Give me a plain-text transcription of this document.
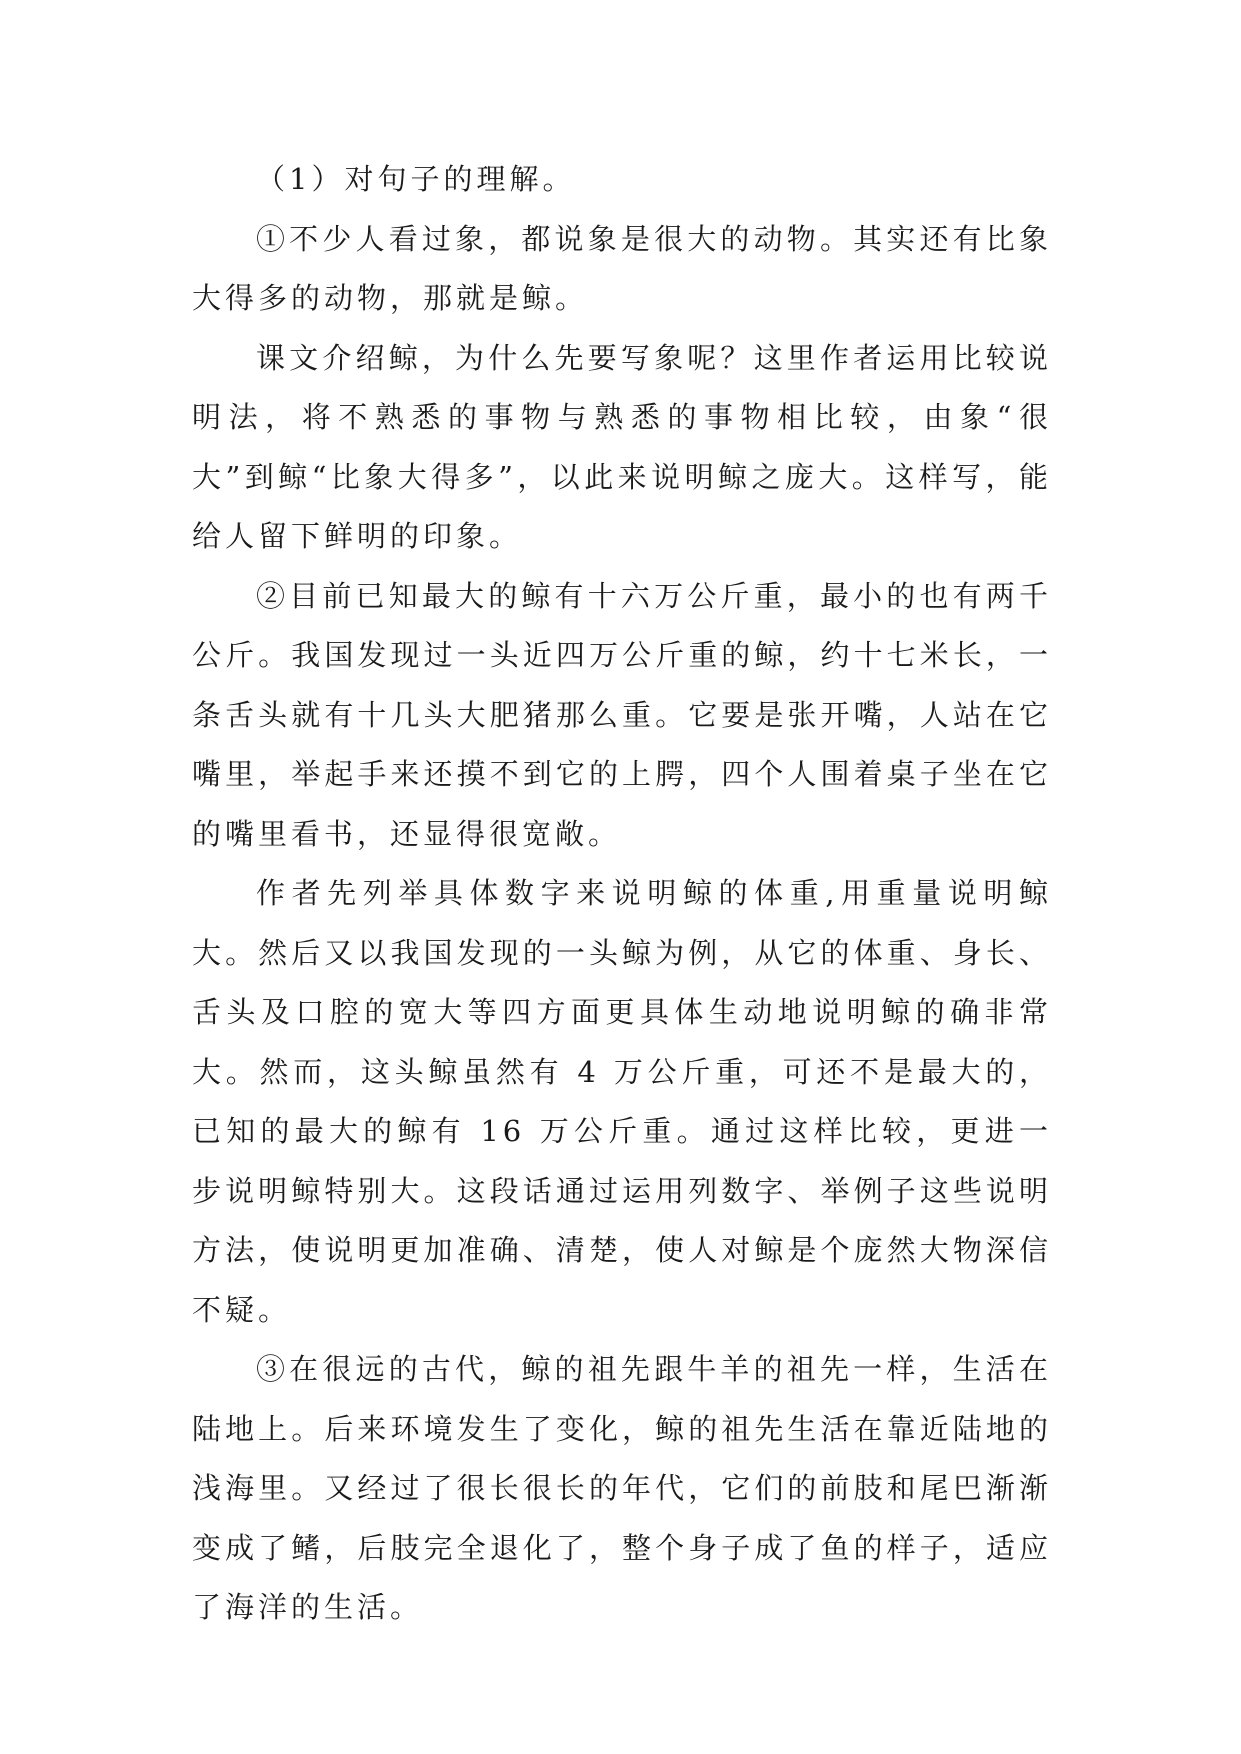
（1）对句子的理解。

①不少人看过象，都说象是很大的动物。其实还有比象大得多的动物，那就是鲸。

课文介绍鲸，为什么先要写象呢？这里作者运用比较说明法，将不熟悉的事物与熟悉的事物相比较，由象“很大”到鲸“比象大得多”，以此来说明鲸之庞大。这样写，能给人留下鲜明的印象。

②目前已知最大的鲸有十六万公斤重，最小的也有两千公斤。我国发现过一头近四万公斤重的鲸，约十七米长，一条舌头就有十几头大肥猪那么重。它要是张开嘴，人站在它嘴里，举起手来还摸不到它的上腭，四个人围着桌子坐在它的嘴里看书，还显得很宽敞。

作者先列举具体数字来说明鲸的体重,用重量说明鲸大。然后又以我国发现的一头鲸为例，从它的体重、身长、舌头及口腔的宽大等四方面更具体生动地说明鲸的确非常大。然而，这头鲸虽然有 4 万公斤重，可还不是最大的，已知的最大的鲸有 16 万公斤重。通过这样比较，更进一步说明鲸特别大。这段话通过运用列数字、举例子这些说明方法，使说明更加准确、清楚，使人对鲸是个庞然大物深信不疑。

③在很远的古代，鲸的祖先跟牛羊的祖先一样，生活在陆地上。后来环境发生了变化，鲸的祖先生活在靠近陆地的浅海里。又经过了很长很长的年代，它们的前肢和尾巴渐渐变成了鳍，后肢完全退化了，整个身子成了鱼的样子，适应了海洋的生活。
